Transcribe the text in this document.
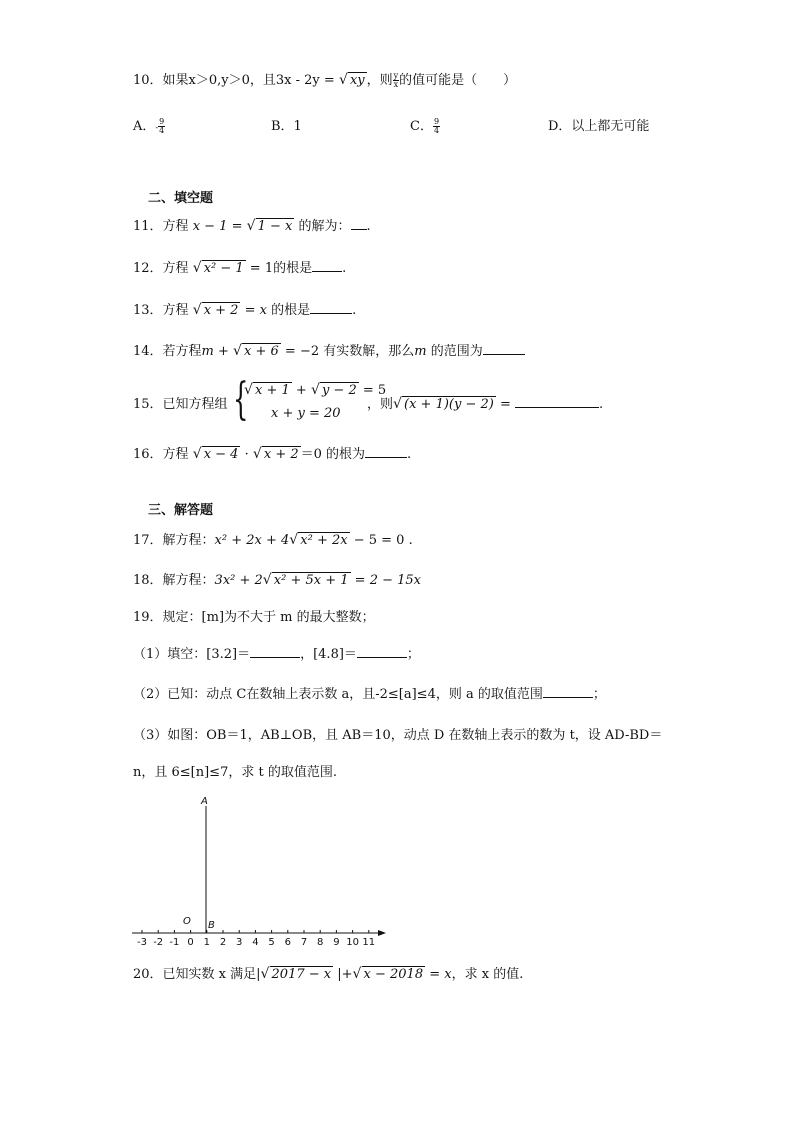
10．如果x＞0,y＞0，且3x - 2y = √ xy ，则 $\frac{y}{x}$ 的值可能是（　　）
A．- $\frac{9}{4}$	B．1	C． $\frac{9}{4}$	D．以上都无可能
二、填空题
11．方程 x − 1 = √ 1 − x 的解为： .
12．方程 √ x² − 1 = 1的根是 .
13．方程 √ x + 2 = x 的根是	.
14．若方程m + √ x + 6 = −2 有实数解，那么m 的范围为
15．已知方程组 { √ x + 1 + √ y − 2 = 5
x + y = 20
，则 √ (x + 1)(y − 2) =	.
16．方程 √ x − 4 · √ x + 2 ＝0 的根为	.
三、解答题
17．解方程：x² + 2x + 4 √ x² + 2x − 5 = 0 .
18．解方程：3x² + 2 √ x² + 5x + 1 = 2 − 15x
19．规定：[m]为不大于 m 的最大整数；
（1）填空：[3.2]＝	，[4.8]＝	；
（2）已知：动点 C在数轴上表示数 a，且-2≤[a]≤4，则 a 的取值范围	；
（3）如图：OB＝1，AB⊥OB，且 AB＝10，动点 D 在数轴上表示的数为 t，设 AD-BD＝
n，且 6≤[n]≤7，求 t 的取值范围.
A
O B
-3 -2 -1 0 1 2 3 4 5 6 7 8 9 10 11
20．已知实数 x 满足| √ 2017 − x |+ √ x − 2018 = x，求 x 的值.
